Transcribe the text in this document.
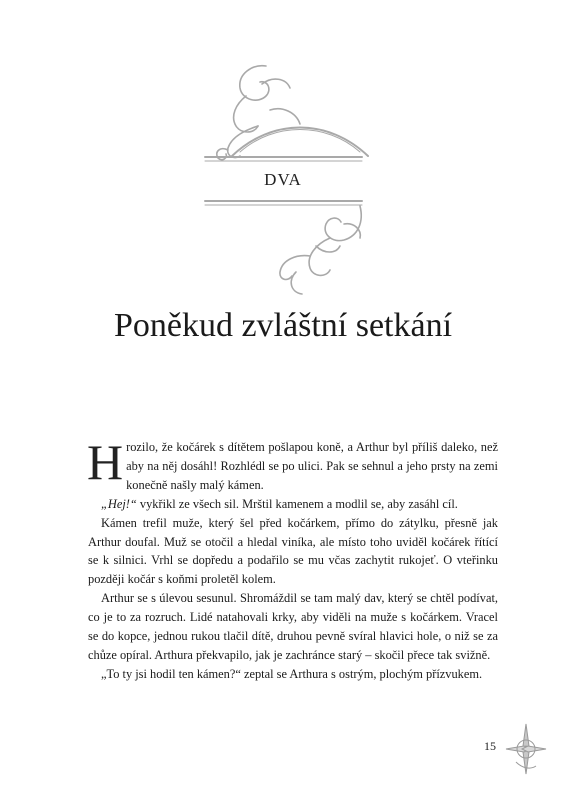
DVA
Poněkud zvláštní setkání

Hrozilo, že kočárek s dítětem pošlapou koně, a Arthur byl příliš daleko, než aby na něj dosáhl! Rozhlédl se po ulici. Pak se sehnul a jeho prsty na zemi konečně našly malý kámen.

„Hej!“ vykřikl ze všech sil. Mrštil kamenem a modlil se, aby zasáhl cíl.

Kámen trefil muže, který šel před kočárkem, přímo do zátylku, přesně jak Arthur doufal. Muž se otočil a hledal viníka, ale místo toho uviděl kočárek řítící se k silnici. Vrhl se dopředu a podařilo se mu včas zachytit rukojeť. O vteřinku později kočár s koňmi proletěl kolem.

Arthur se s úlevou sesunul. Shromáždil se tam malý dav, který se chtěl podívat, co je to za rozruch. Lidé natahovali krky, aby viděli na muže s kočárkem. Vracel se do kopce, jednou rukou tlačil dítě, druhou pevně svíral hlavici hole, o niž se za chůze opíral. Arthura překvapilo, jak je zachránce starý – skočil přece tak svižně.

„To ty jsi hodil ten kámen?“ zeptal se Arthura s ostrým, plochým přízvukem.

15
